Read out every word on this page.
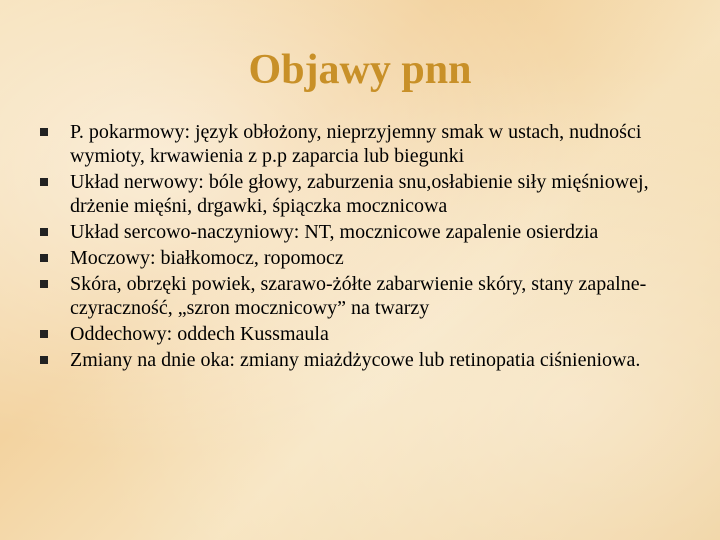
Objawy pnn
P. pokarmowy: język obłożony, nieprzyjemny smak w ustach, nudności wymioty, krwawienia z p.p zaparcia lub biegunki
Układ nerwowy: bóle głowy, zaburzenia snu,osłabienie siły mięśniowej, drżenie mięśni, drgawki, śpiączka mocznicowa
Układ sercowo-naczyniowy: NT, mocznicowe zapalenie osierdzia
Moczowy: białkomocz, ropomocz
Skóra, obrzęki powiek, szarawo-żółte zabarwienie skóry, stany zapalne- czyraczność, „szron mocznicowy” na twarzy
Oddechowy: oddech Kussmaula
Zmiany na dnie oka: zmiany miażdżycowe lub retinopatia ciśnieniowa.
